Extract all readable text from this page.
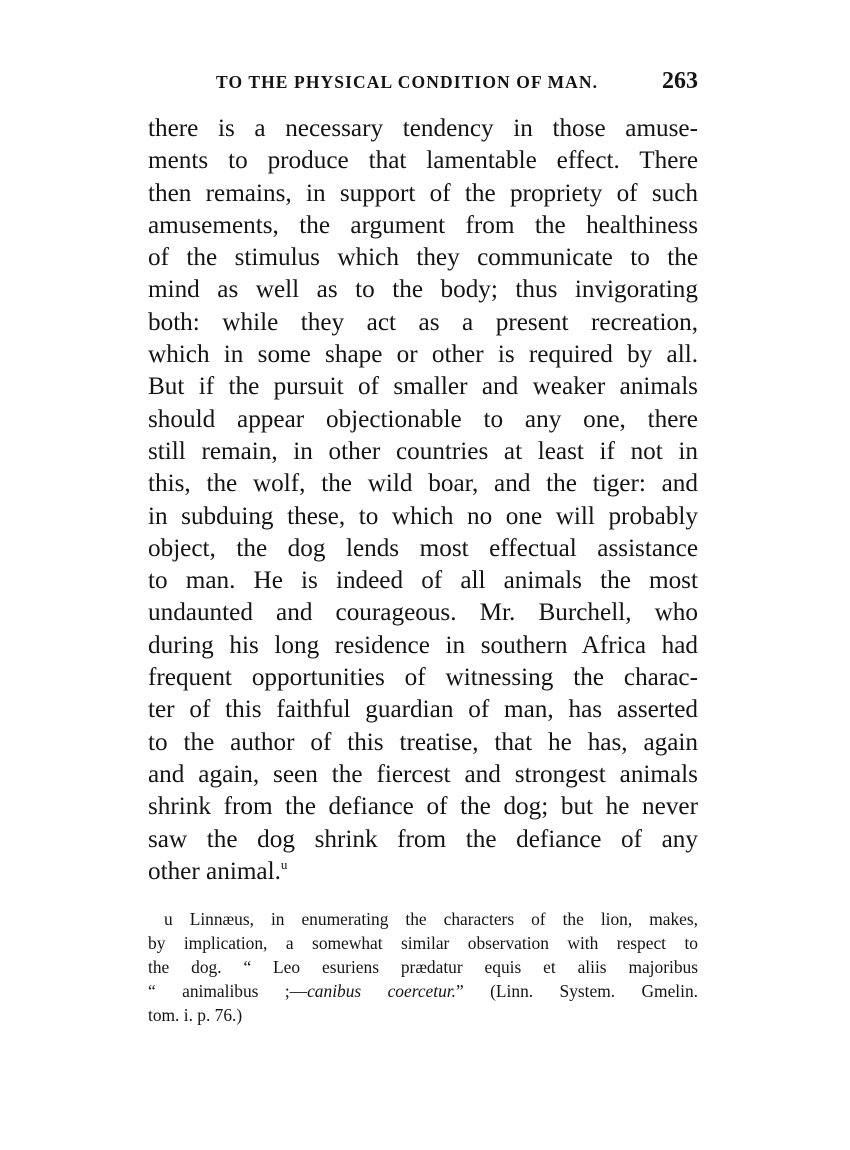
TO THE PHYSICAL CONDITION OF MAN.	263
there is a necessary tendency in those amuse-
ments to produce that lamentable effect. There
then remains, in support of the propriety of such
amusements, the argument from the healthiness
of the stimulus which they communicate to the
mind as well as to the body; thus invigorating
both: while they act as a present recreation,
which in some shape or other is required by all.
But if the pursuit of smaller and weaker animals
should appear objectionable to any one, there
still remain, in other countries at least if not in
this, the wolf, the wild boar, and the tiger: and
in subduing these, to which no one will probably
object, the dog lends most effectual assistance
to man. He is indeed of all animals the most
undaunted and courageous. Mr. Burchell, who
during his long residence in southern Africa had
frequent opportunities of witnessing the charac-
ter of this faithful guardian of man, has asserted
to the author of this treatise, that he has, again
and again, seen the fiercest and strongest animals
shrink from the defiance of the dog; but he never
saw the dog shrink from the defiance of any
other animal.$^u$
u Linnæus, in enumerating the characters of the lion, makes,
by implication, a somewhat similar observation with respect to
the dog. “ Leo esuriens prædatur equis et aliis majoribus
“ animalibus ;—canibus coercetur.” (Linn. System. Gmelin.
tom. i. p. 76.)
